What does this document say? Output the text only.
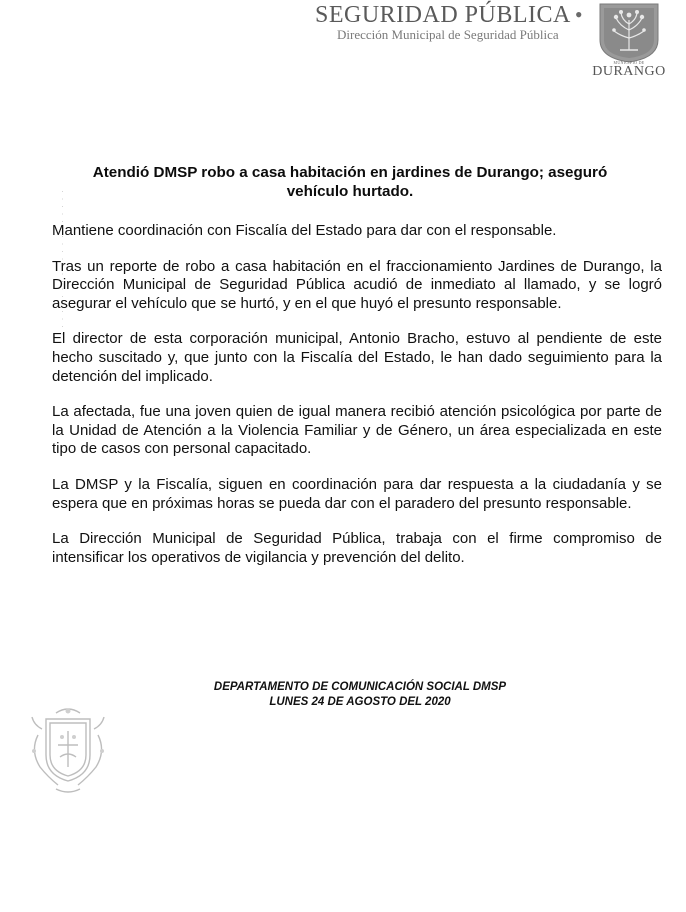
SEGURIDAD PÚBLICA •
Dirección Municipal de Seguridad Pública
MUNICIPIO DE
DURANGO
· · · · · · · · · · · · · · · · · · · ·
Atendió DMSP robo a casa habitación en jardines de Durango; aseguró vehículo hurtado.

Mantiene coordinación con Fiscalía del Estado para dar con el responsable.

Tras un reporte de robo a casa habitación en el fraccionamiento Jardines de Durango, la Dirección Municipal de Seguridad Pública acudió de inmediato al llamado, y se logró asegurar el vehículo que se hurtó, y en el que huyó el presunto responsable.

El director de esta corporación municipal, Antonio Bracho, estuvo al pendiente de este hecho suscitado y, que junto con la Fiscalía del Estado, le han dado seguimiento para la detención del implicado.

La afectada, fue una joven quien de igual manera recibió atención psicológica por parte de la Unidad de Atención a la Violencia Familiar y de Género, un área especializada en este tipo de casos con personal capacitado.

La DMSP y la Fiscalía, siguen en coordinación para dar respuesta a la ciudadanía y se espera que en próximas horas se pueda dar con el paradero del presunto responsable.

La Dirección Municipal de Seguridad Pública, trabaja con el firme compromiso de intensificar los operativos de vigilancia y prevención del delito.

DEPARTAMENTO DE COMUNICACIÓN SOCIAL DMSP
LUNES 24 DE AGOSTO DEL 2020
